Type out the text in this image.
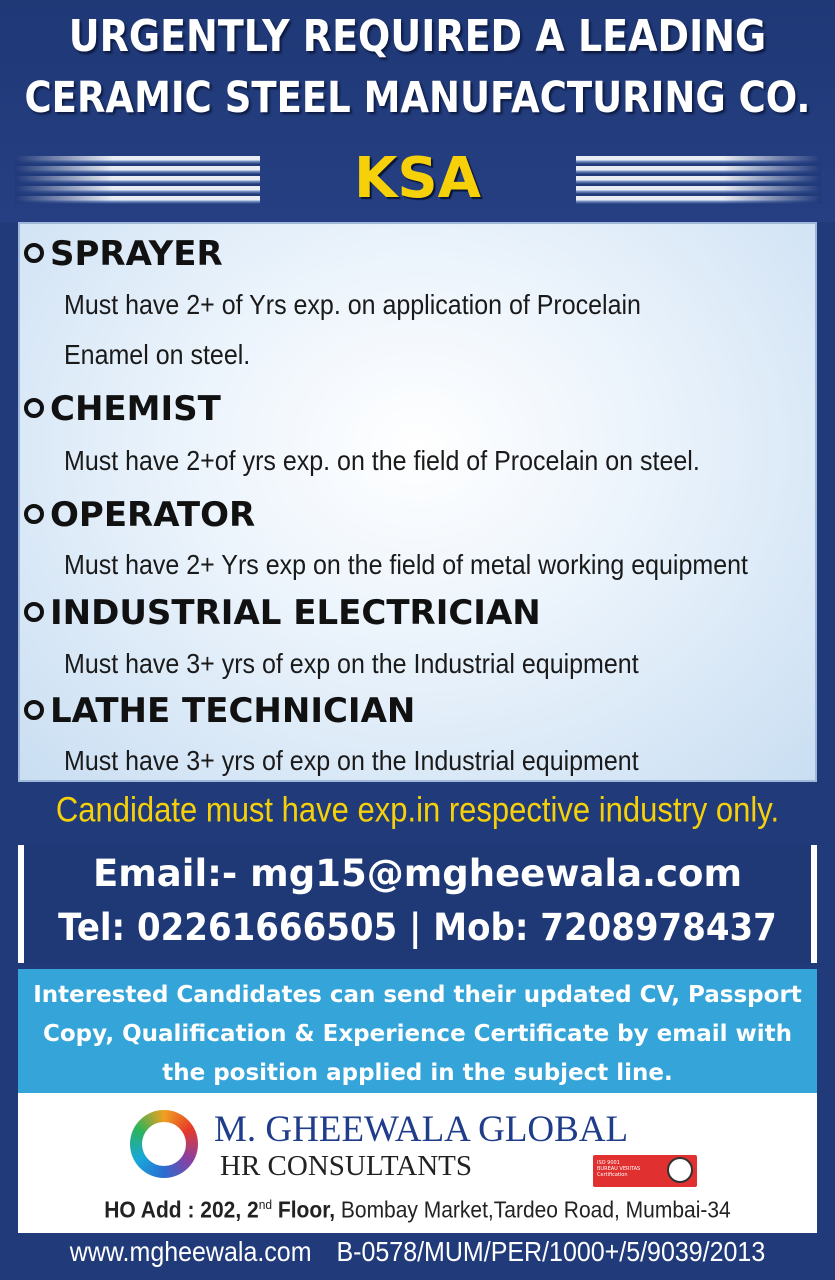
URGENTLY REQUIRED A LEADING
CERAMIC STEEL MANUFACTURING CO.
KSA
SPRAYER
Must have 2+ of Yrs exp. on application of Procelain
Enamel on steel.
CHEMIST
Must have 2+of yrs exp. on the field of Procelain on steel.
OPERATOR
Must have 2+ Yrs exp on the field of metal working equipment
INDUSTRIAL ELECTRICIAN
Must have 3+ yrs of exp on the Industrial equipment
LATHE TECHNICIAN
Must have 3+ yrs of exp on the Industrial equipment
Candidate must have exp.in respective industry only.
Email:- mg15@mgheewala.com
Tel: 02261666505 | Mob: 7208978437
Interested Candidates can send their updated CV, Passport
Copy, Qualification & Experience Certificate by email with
the position applied in the subject line.
M. GHEEWALA GLOBAL
HR CONSULTANTS	ISO 9001
BUREAU VERITAS
Certification
HO Add : 202, 2nd Floor, Bombay Market,Tardeo Road, Mumbai-34
www.mgheewala.com B-0578/MUM/PER/1000+/5/9039/2013
